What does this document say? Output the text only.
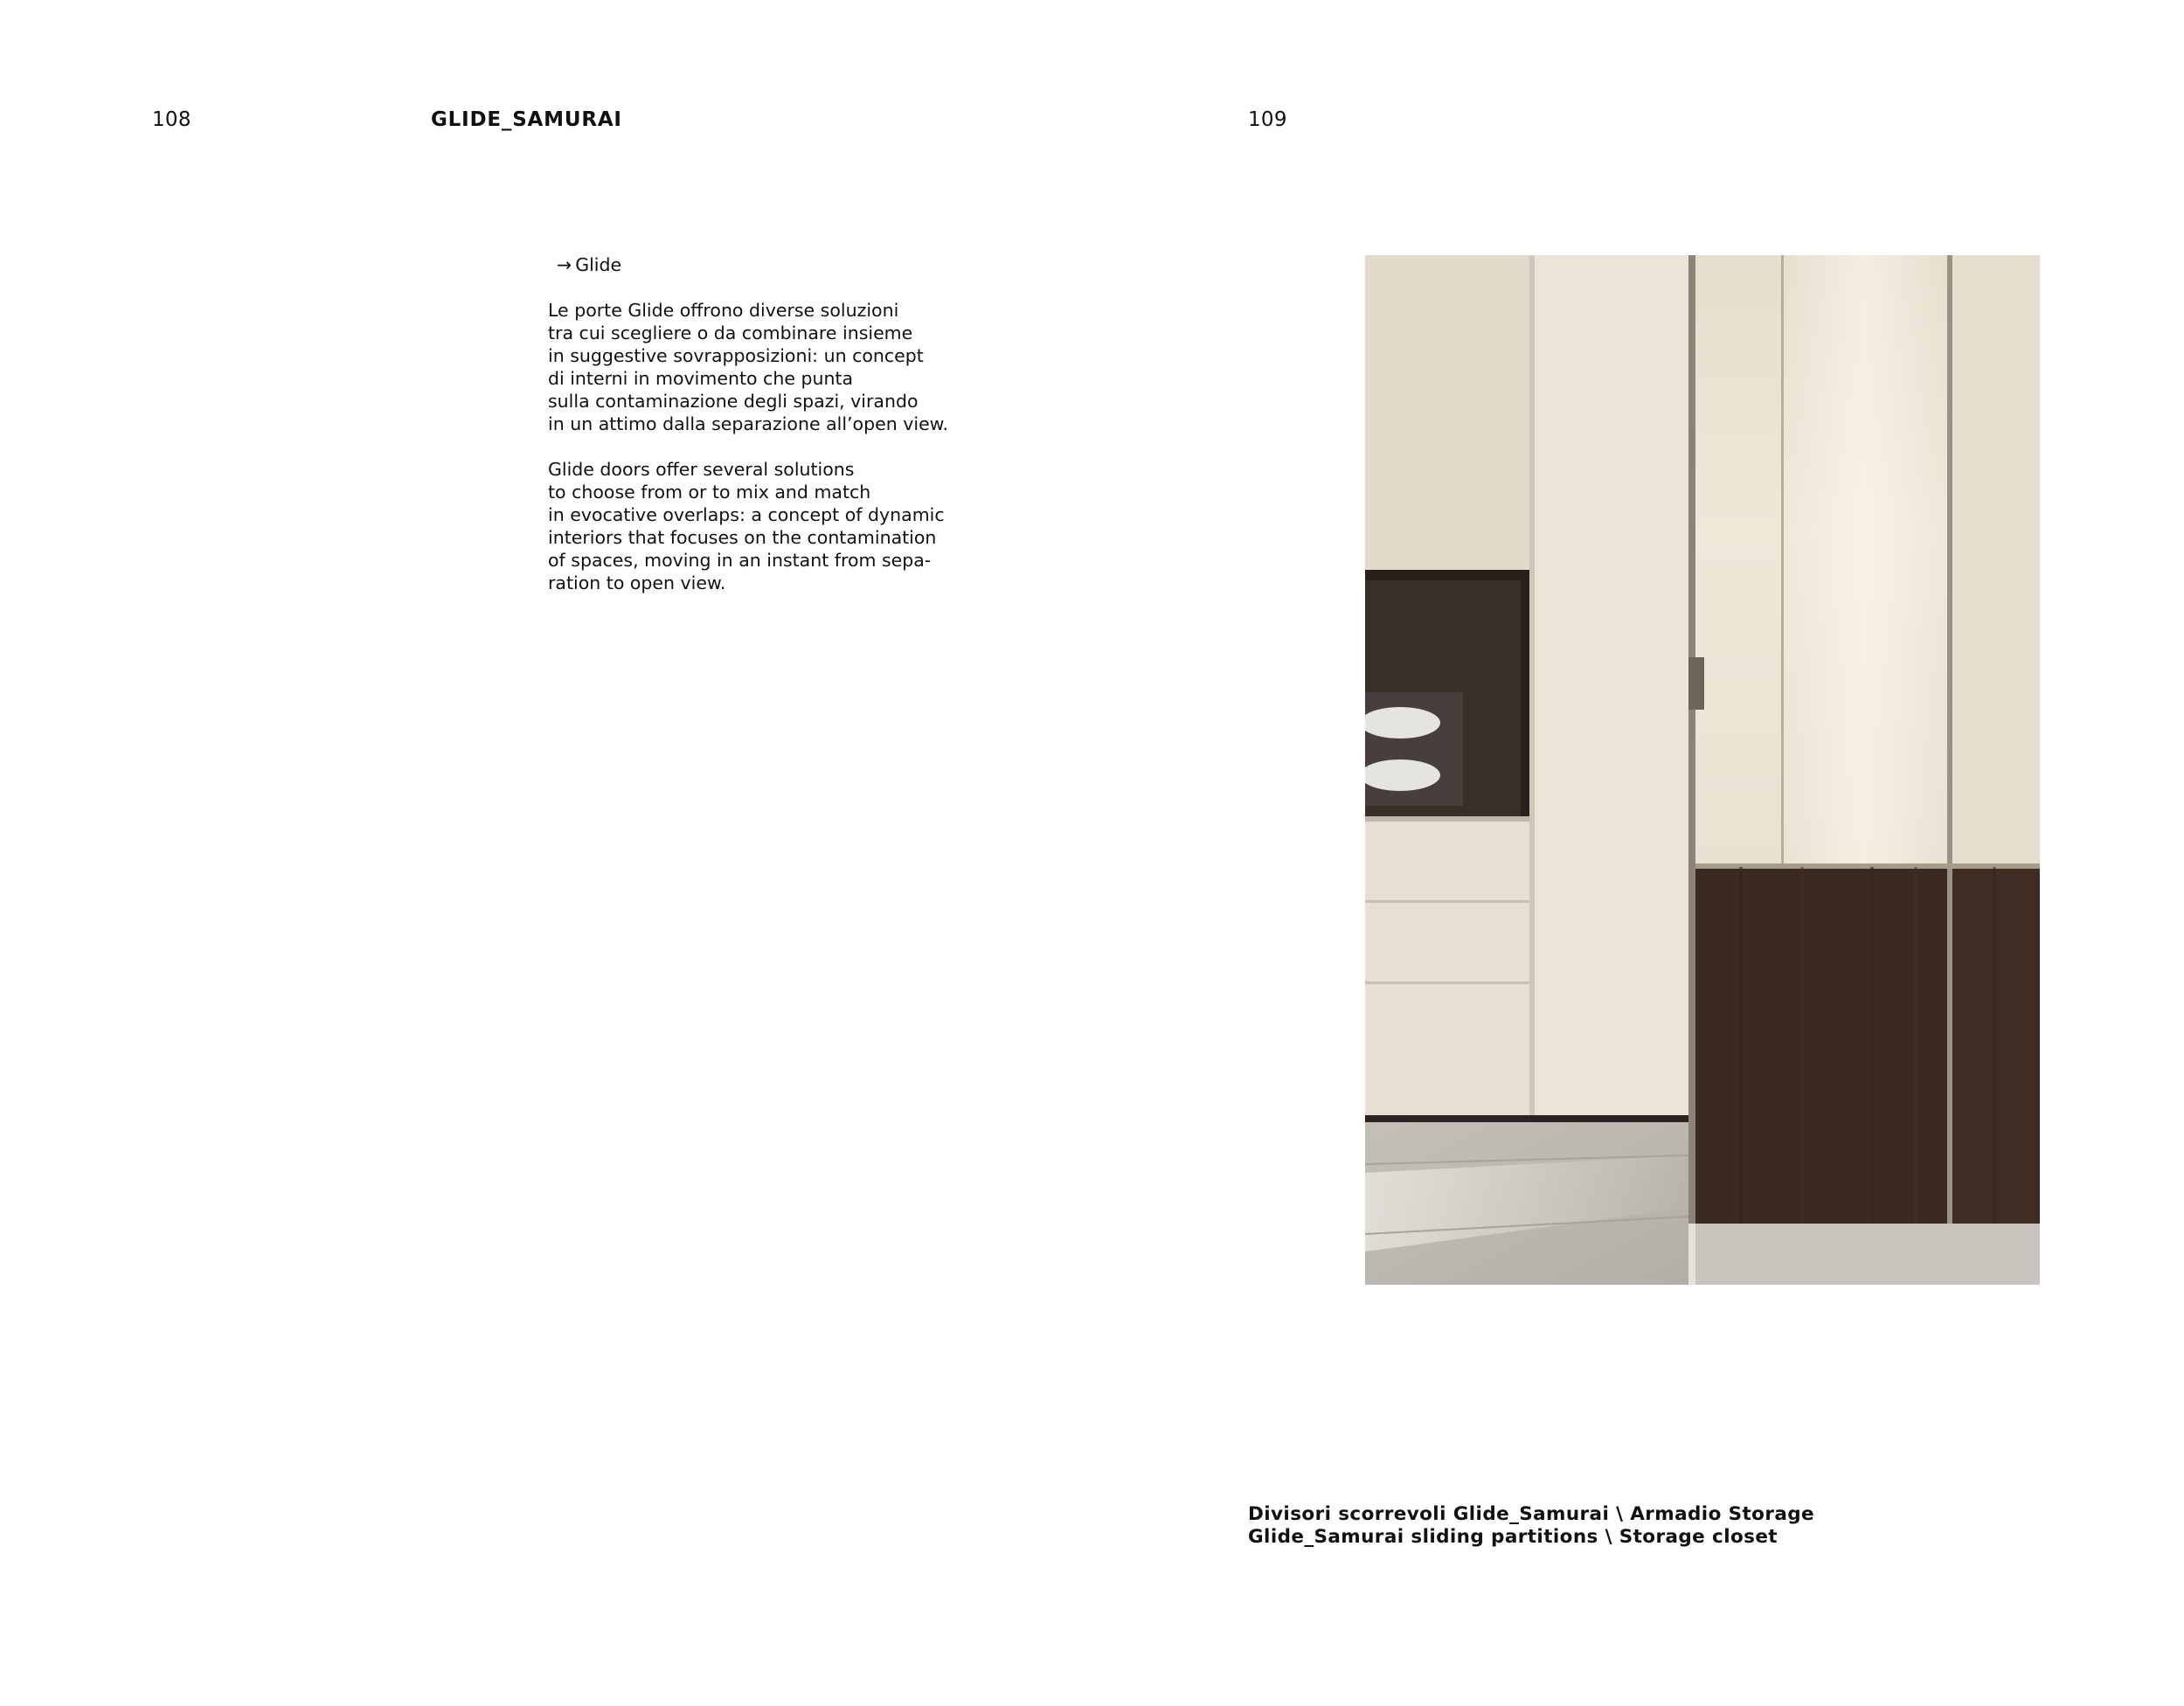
108	GLIDE_SAMURAI	109
→ Glide
Le porte Glide offrono diverse soluzioni
tra cui scegliere o da combinare insieme
in suggestive sovrapposizioni: un concept
di interni in movimento che punta
sulla contaminazione degli spazi, virando
in un attimo dalla separazione all’open view.
Glide doors offer several solutions
to choose from or to mix and match
in evocative overlaps: a concept of dynamic
interiors that focuses on the contamination
of spaces, moving in an instant from sepa-
ration to open view.
Divisori scorrevoli Glide_Samurai \ Armadio Storage
Glide_Samurai sliding partitions \ Storage closet
